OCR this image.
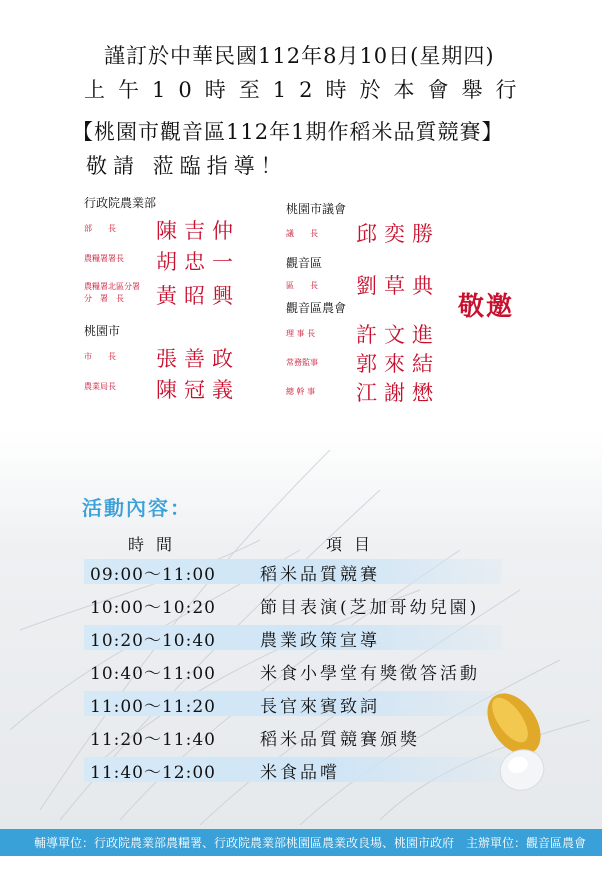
謹訂於中華民國112年8月10日(星期四)
上午10時至12時於本會舉行
【桃園市觀音區112年1期作稻米品質競賽】
敬請 蒞臨指導！
行政院農業部
部　　長 陳吉仲
農糧署署長 胡忠一
農糧署北區分署
分　署　長 黃昭興
桃園市
市　　長 張善政
農業局長 陳冠義
桃園市議會
議　　長 邱奕勝
觀音區
區　　長 劉草典
觀音區農會
理 事 長 許文進
常務監事 郭來結
總 幹 事 江謝懋
敬邀
活動內容：
時間	項目
09:00～11:00	稻米品質競賽
10:00～10:20	節目表演(芝加哥幼兒園)
10:20～10:40	農業政策宣導
10:40～11:00	米食小學堂有獎徵答活動
11:00～11:20	長官來賓致詞
11:20～11:40	稻米品質競賽頒獎
11:40～12:00	米食品嚐
輔導單位：行政院農業部農糧署、行政院農業部桃園區農業改良場、桃園市政府　主辦單位：觀音區農會
